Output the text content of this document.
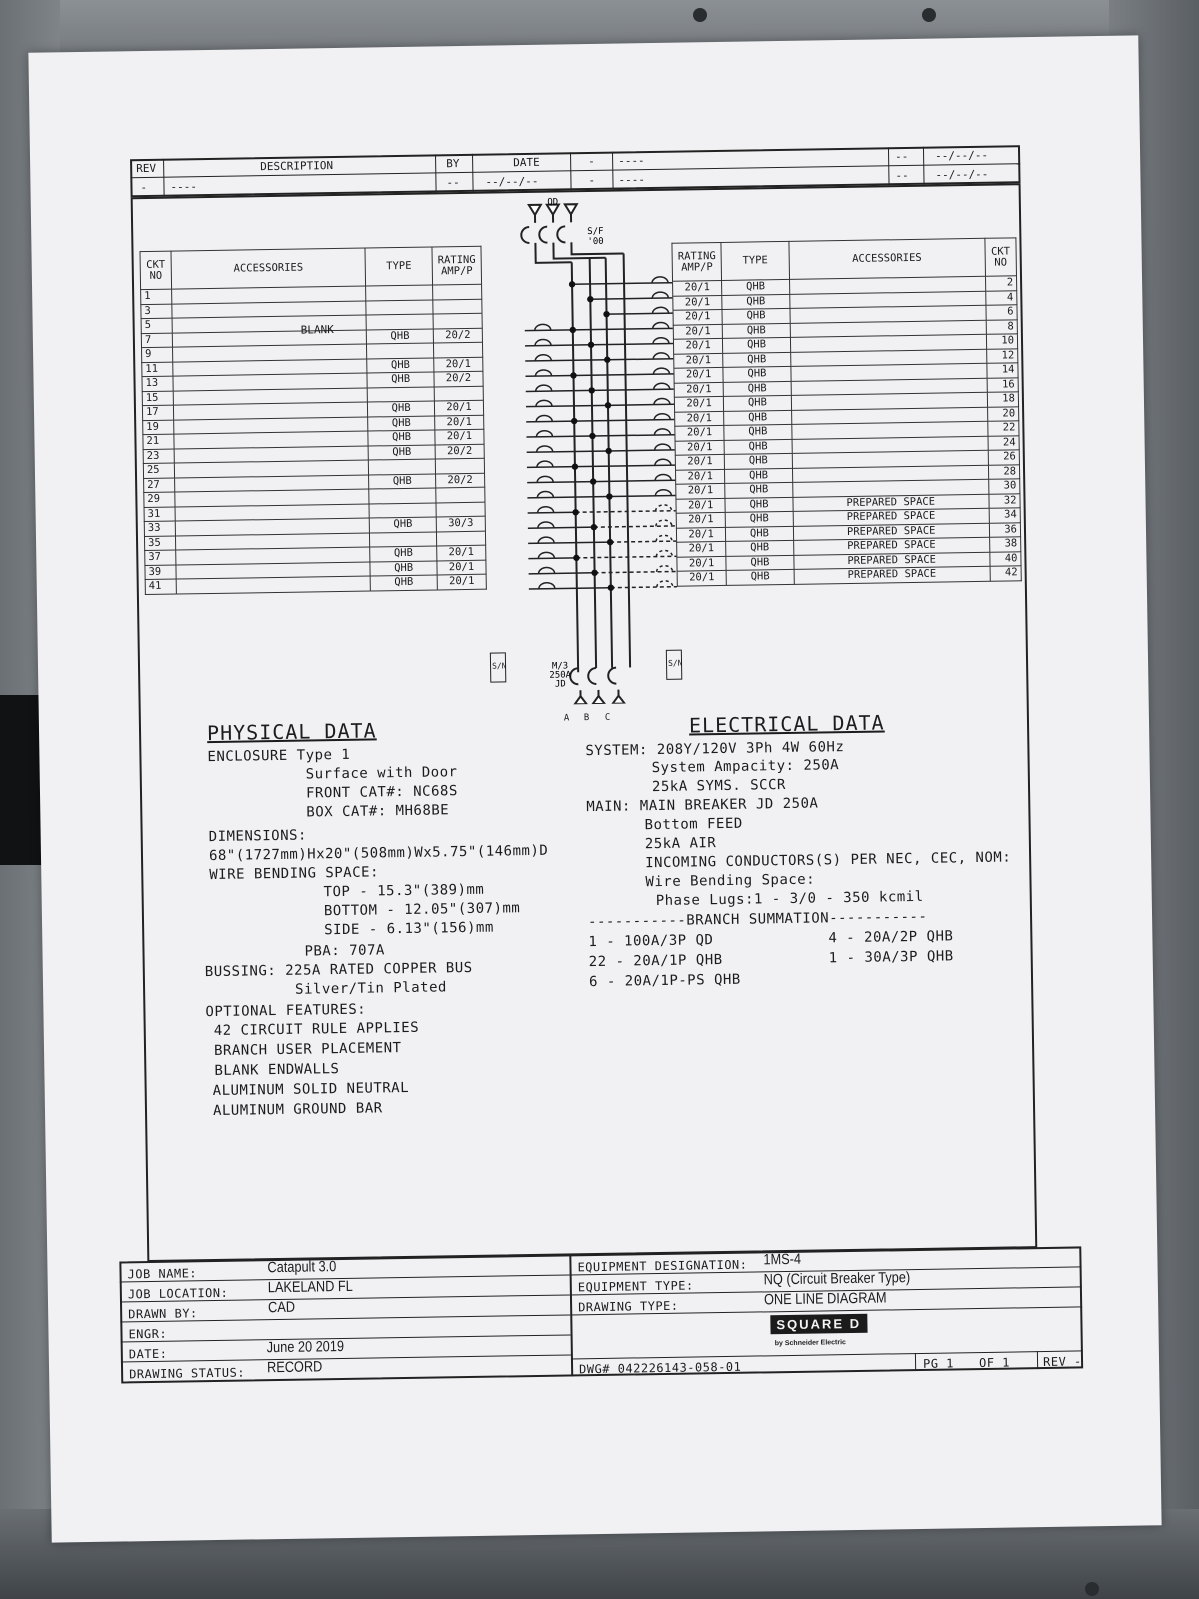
REV	DESCRIPTION	BY	DATE	- ----	-- --/--/--
- ----	-- --/--/--	- ----	-- --/--/--
CKT NO	ACCESSORIES	TYPE	RATING AMP/P
1			
3			
5			
7		QHB	20/2
9			
11		QHB	20/1
13		QHB	20/2
15			
17		QHB	20/1
19		QHB	20/1
21		QHB	20/1
23		QHB	20/2
25			
27		QHB	20/2
29			
31			
33		QHB	30/3
35			
37		QHB	20/1
39		QHB	20/1
41		QHB	20/1
BLANK
RATING AMP/P	TYPE	ACCESSORIES	CKT NO
20/1	QHB		2
20/1	QHB		4
20/1	QHB		6
20/1	QHB		8
20/1	QHB		10
20/1	QHB		12
20/1	QHB		14
20/1	QHB		16
20/1	QHB		18
20/1	QHB		20
20/1	QHB		22
20/1	QHB		24
20/1	QHB		26
20/1	QHB		28
20/1	QHB		30
20/1	QHB	PREPARED SPACE	32
20/1	QHB	PREPARED SPACE	34
20/1	QHB	PREPARED SPACE	36
20/1	QHB	PREPARED SPACE	38
20/1	QHB	PREPARED SPACE	40
20/1	QHB	PREPARED SPACE	42
QD
S/F
'00
M/3
250A
JD
A B C
S/N	S/N
PHYSICAL DATA
ENCLOSURE Type 1
Surface with Door
FRONT CAT#: NC68S
BOX CAT#: MH68BE
DIMENSIONS:
68"(1727mm)Hx20"(508mm)Wx5.75"(146mm)D
WIRE BENDING SPACE:
TOP - 15.3"(389)mm
BOTTOM - 12.05"(307)mm
SIDE - 6.13"(156)mm
PBA: 707A
BUSSING: 225A RATED COPPER BUS
Silver/Tin Plated
OPTIONAL FEATURES:
42 CIRCUIT RULE APPLIES
BRANCH USER PLACEMENT
BLANK ENDWALLS
ALUMINUM SOLID NEUTRAL
ALUMINUM GROUND BAR
ELECTRICAL DATA
SYSTEM: 208Y/120V 3Ph 4W 60Hz
System Ampacity: 250A
25kA SYMS. SCCR
MAIN: MAIN BREAKER JD 250A
Bottom FEED
25kA AIR
INCOMING CONDUCTORS(S) PER NEC, CEC, NOM:
Wire Bending Space:
Phase Lugs:1 - 3/0 - 350 kcmil
-----------BRANCH SUMMATION-----------
1 - 100A/3P QD	4 - 20A/2P QHB
22 - 20A/1P QHB	1 - 30A/3P QHB
6 - 20A/1P-PS QHB
JOB NAME:	Catapult 3.0
JOB LOCATION:	LAKELAND FL
DRAWN BY:	CAD
ENGR:
DATE:	June 20 2019
DRAWING STATUS: RECORD
EQUIPMENT DESIGNATION: 1MS-4
EQUIPMENT TYPE:	NQ (Circuit Breaker Type)
DRAWING TYPE:	ONE LINE DIAGRAM
SQUARE D
by Schneider Electric
DWG# 042226143-058-01	PG 1 OF 1	REV -
